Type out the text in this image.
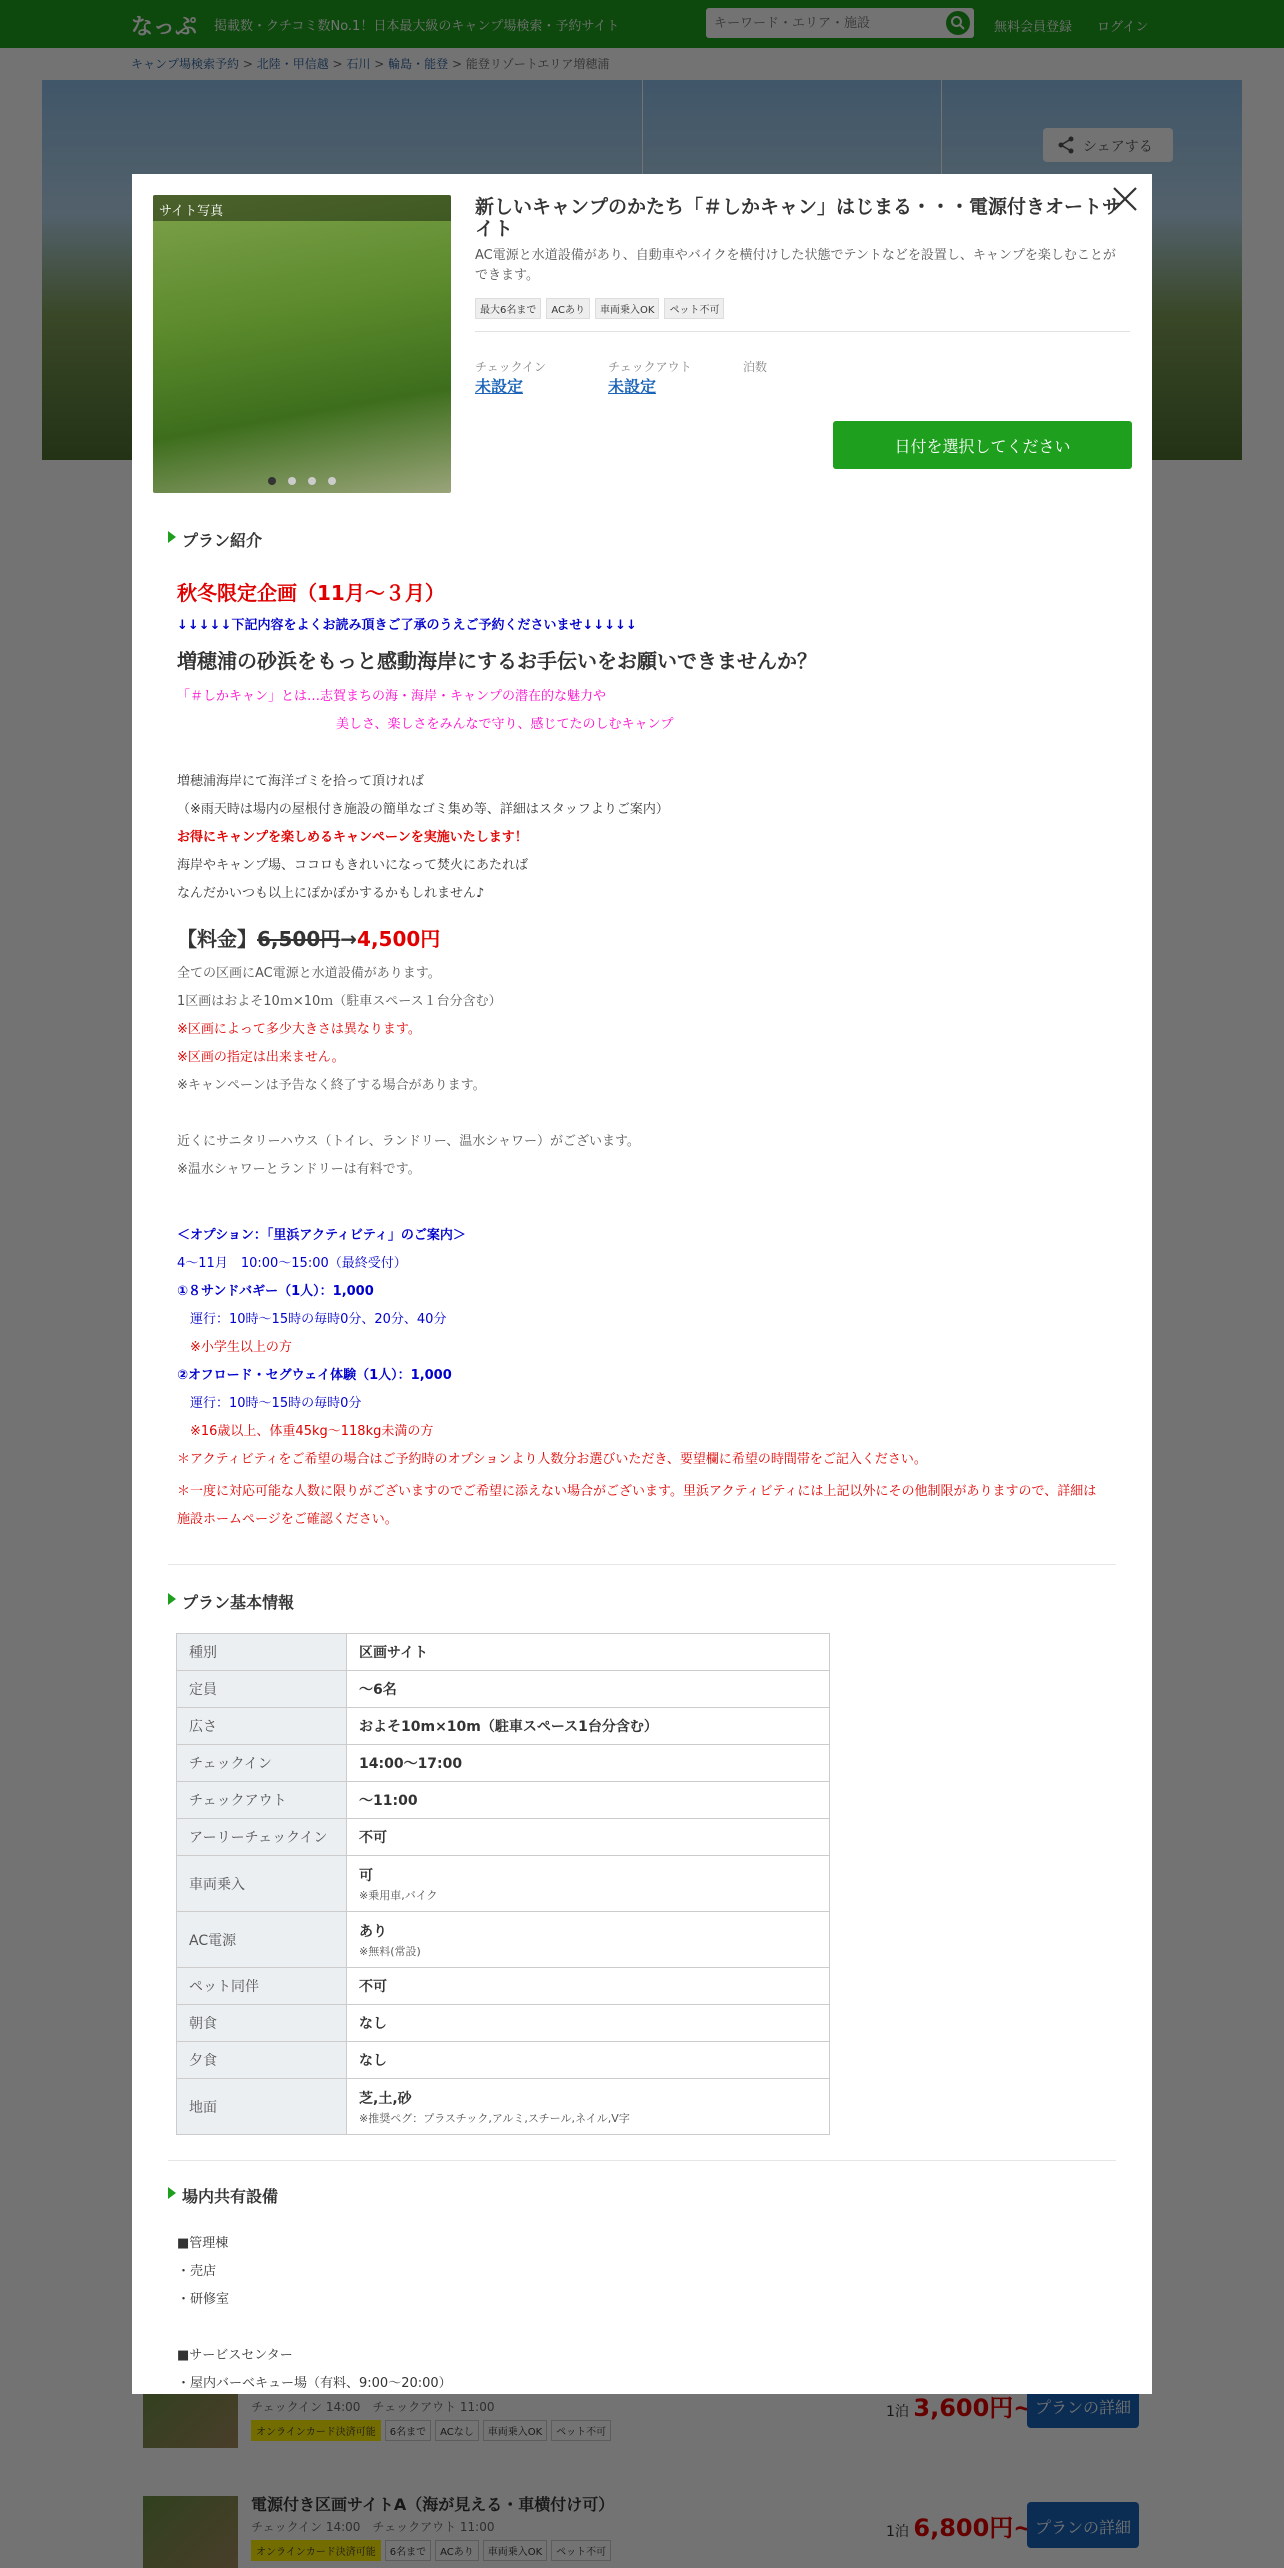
キーワード・エリア・施設
サイト写真	新しいキャンプのかたち「＃しかキャン」はじまる・・・電源付きオートサイト
AC電源と水道設備があり、自動車やバイクを横付けした状態でテントなどを設置し、キャンプを楽しむことができます。
最大6名まで ACあり 車両乗入OK ペット不可
チェックイン
未設定
チェックアウト
未設定
泊数
日付を選択してください
プラン紹介
秋冬限定企画（11月～３月）
↓↓↓↓↓下記内容をよくお読み頂きご了承のうえご予約くださいませ↓↓↓↓↓
増穂浦の砂浜をもっと感動海岸にするお手伝いをお願いできませんか？
「＃しかキャン」とは…志賀まちの海・海岸・キャンプの潜在的な魅力や
美しさ、楽しさをみんなで守り、感じてたのしむキャンプ
増穂浦海岸にて海洋ゴミを拾って頂ければ
（※雨天時は場内の屋根付き施設の簡単なゴミ集め等、詳細はスタッフよりご案内）
お得にキャンプを楽しめるキャンペーンを実施いたします！
海岸やキャンプ場、ココロもきれいになって焚火にあたれば
なんだかいつも以上にぽかぽかするかもしれません♪
【料金】6,500円→4,500円
全ての区画にAC電源と水道設備があります。
1区画はおよそ10ｍ×10ｍ（駐車スペース１台分含む）
※区画によって多少大きさは異なります。
※区画の指定は出来ません。
※キャンペーンは予告なく終了する場合があります。
近くにサニタリーハウス（トイレ、ランドリー、温水シャワー）がございます。
※温水シャワーとランドリーは有料です。
＜オプション：「里浜アクティビティ」のご案内＞
4～11月　10:00～15:00（最終受付）
①８サンドバギー（1人）：1,000
　運行：10時～15時の毎時0分、20分、40分
　※小学生以上の方
②オフロード・セグウェイ体験（1人）：1,000
　運行：10時～15時の毎時0分
　※16歳以上、体重45kg～118kg未満の方
＊アクティビティをご希望の場合はご予約時のオプションより人数分お選びいただき、要望欄に希望の時間帯をご記入ください。
＊一度に対応可能な人数に限りがございますのでご希望に添えない場合がございます。里浜アクティビティには上記以外にその他制限がありますので、詳細は施設ホームページをご確認ください。
プラン基本情報
種別	区画サイト
定員	〜6名
広さ	およそ10m×10m（駐車スペース1台分含む）
チェックイン	14:00〜17:00
チェックアウト	〜11:00
アーリーチェックイン	不可
車両乗入	可
※乗用車,バイク

AC電源	あり
※無料(常設)

ペット同伴	不可
朝食	なし
夕食	なし
地面	芝,土,砂
※推奨ペグ：プラスチック,アルミ,スチール,ネイル,V字
場内共有設備
■管理棟
・売店
・研修室
■サービスセンター
・屋内バーベキュー場（有料、9:00～20:00）
